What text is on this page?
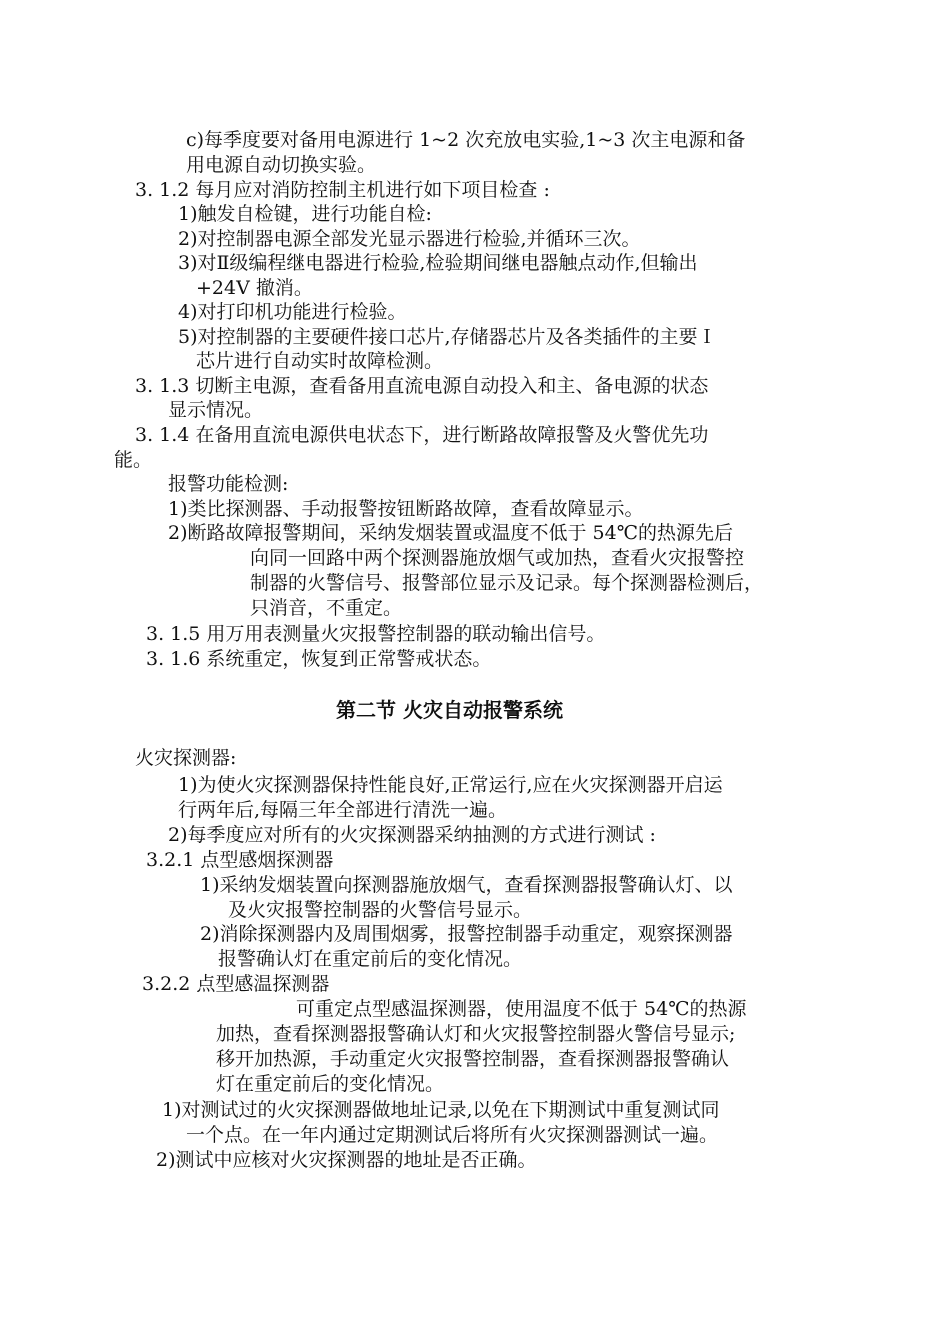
c)每季度要对备用电源进行 1~2 次充放电实验,1~3 次主电源和备
用电源自动切换实验。
3. 1.2 每月应对消防控制主机进行如下项目检查 :
1)触发自检键，进行功能自检:
2)对控制器电源全部发光显示器进行检验,并循环三次。
3)对Ⅱ级编程继电器进行检验,检验期间继电器触点动作,但输出
+24V 撤消。
4)对打印机功能进行检验。
5)对控制器的主要硬件接口芯片,存储器芯片及各类插件的主要Ｉ
芯片进行自动实时故障检测。
3. 1.3 切断主电源，查看备用直流电源自动投入和主、备电源的状态
显示情况。
3. 1.4 在备用直流电源供电状态下，进行断路故障报警及火警优先功
能。
报警功能检测:
1)类比探测器、手动报警按钮断路故障，查看故障显示。
2)断路故障报警期间，采纳发烟装置或温度不低于 54℃的热源先后
向同一回路中两个探测器施放烟气或加热，查看火灾报警控
制器的火警信号、报警部位显示及记录。每个探测器检测后，
只消音，不重定。
3. 1.5 用万用表测量火灾报警控制器的联动输出信号。
3. 1.6 系统重定，恢复到正常警戒状态。
第二节 火灾自动报警系统
火灾探测器:
1)为使火灾探测器保持性能良好,正常运行,应在火灾探测器开启运
行两年后,每隔三年全部进行清洗一遍。
2)每季度应对所有的火灾探测器采纳抽测的方式进行测试 :
3.2.1 点型感烟探测器
1)采纳发烟装置向探测器施放烟气，查看探测器报警确认灯、以
及火灾报警控制器的火警信号显示。
2)消除探测器内及周围烟雾，报警控制器手动重定，观察探测器
报警确认灯在重定前后的变化情况。
3.2.2 点型感温探测器
可重定点型感温探测器，使用温度不低于 54℃的热源
加热，查看探测器报警确认灯和火灾报警控制器火警信号显示;
移开加热源，手动重定火灾报警控制器，查看探测器报警确认
灯在重定前后的变化情况。
1)对测试过的火灾探测器做地址记录,以免在下期测试中重复测试同
一个点。在一年内通过定期测试后将所有火灾探测器测试一遍。
2)测试中应核对火灾探测器的地址是否正确。
